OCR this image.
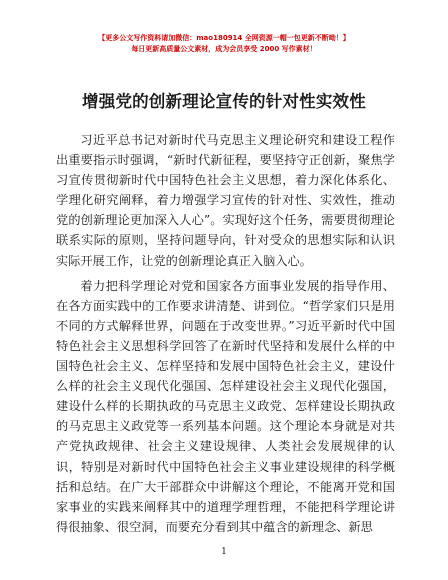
【更多公文写作资料请加微信：mao180914 全网资源一帽一包更新不断呦！】
每日更新高质量公文素材，成为会员享受 2000 写作素材！
增强党的创新理论宣传的针对性实效性

习近平总书记对新时代马克思主义理论研究和建设工程作出重要指示时强调，“新时代新征程，要坚持守正创新，聚焦学习宣传贯彻新时代中国特色社会主义思想，着力深化体系化、学理化研究阐释，着力增强学习宣传的针对性、实效性，推动党的创新理论更加深入人心”。实现好这个任务，需要贯彻理论联系实际的原则，坚持问题导向，针对受众的思想实际和认识实际开展工作，让党的创新理论真正入脑入心。

着力把科学理论对党和国家各方面事业发展的指导作用、在各方面实践中的工作要求讲清楚、讲到位。“哲学家们只是用不同的方式解释世界，问题在于改变世界。”习近平新时代中国特色社会主义思想科学回答了在新时代坚持和发展什么样的中国特色社会主义、怎样坚持和发展中国特色社会主义，建设什么样的社会主义现代化强国、怎样建设社会主义现代化强国，建设什么样的长期执政的马克思主义政党、怎样建设长期执政的马克思主义政党等一系列基本问题。这个理论本身就是对共产党执政规律、社会主义建设规律、人类社会发展规律的认识，特别是对新时代中国特色社会主义事业建设规律的科学概括和总结。在广大干部群众中讲解这个理论，不能离开党和国家事业的实践来阐释其中的道理学理哲理，不能把科学理论讲得很抽象、很空洞，而要充分看到其中蕴含的新理念、新思

1
